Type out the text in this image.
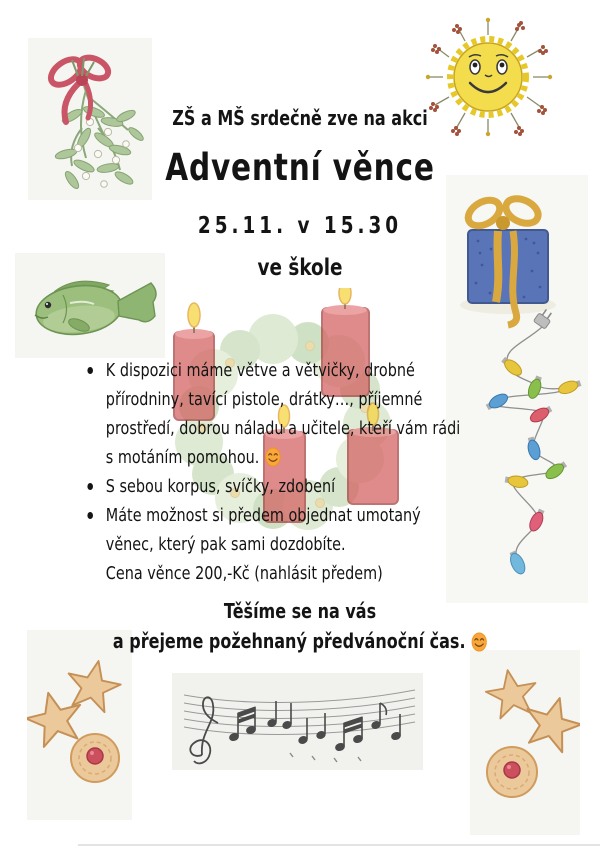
ZŠ a MŠ srdečně zve na akci
Adventní věnce
25.11. v 15.30
ve škole
K dispozici máme větve a větvičky, drobné
přírodniny, tavící pistole, drátky…, příjemné
prostředí, dobrou náladu a učitele, kteří vám rádi
s motáním pomohou.
S sebou korpus, svíčky, zdobení
Máte možnost si předem objednat umotaný
věnec, který pak sami dozdobíte.
Cena věnce 200,-Kč (nahlásit předem)
Těšíme se na vás
a přejeme požehnaný předvánoční čas.
